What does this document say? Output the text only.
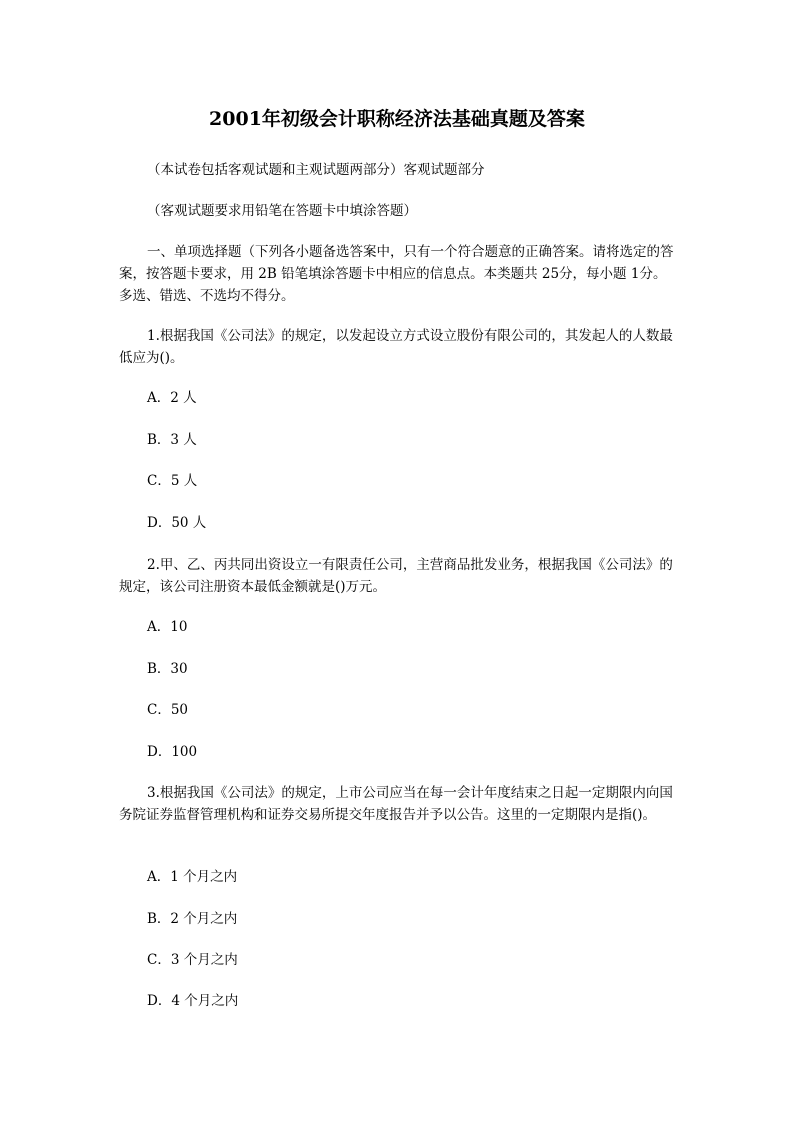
2001年初级会计职称经济法基础真题及答案
（本试卷包括客观试题和主观试题两部分）客观试题部分
（客观试题要求用铅笔在答题卡中填涂答题）
一、单项选择题（下列各小题备选答案中，只有一个符合题意的正确答案。请将选定的答案，按答题卡要求，用 2B 铅笔填涂答题卡中相应的信息点。本类题共 25分，每小题 1分。多选、错选、不选均不得分。
1.根据我国《公司法》的规定，以发起设立方式设立股份有限公司的，其发起人的人数最低应为()。
A．2 人
B．3 人
C．5 人
D．50 人
2.甲、乙、丙共同出资设立一有限责任公司，主营商品批发业务，根据我国《公司法》的规定，该公司注册资本最低金额就是()万元。
A．10
B．30
C．50
D．100
3.根据我国《公司法》的规定，上市公司应当在每一会计年度结束之日起一定期限内向国务院证券监督管理机构和证券交易所提交年度报告并予以公告。这里的一定期限内是指()。
A．1 个月之内
B．2 个月之内
C．3 个月之内
D．4 个月之内
